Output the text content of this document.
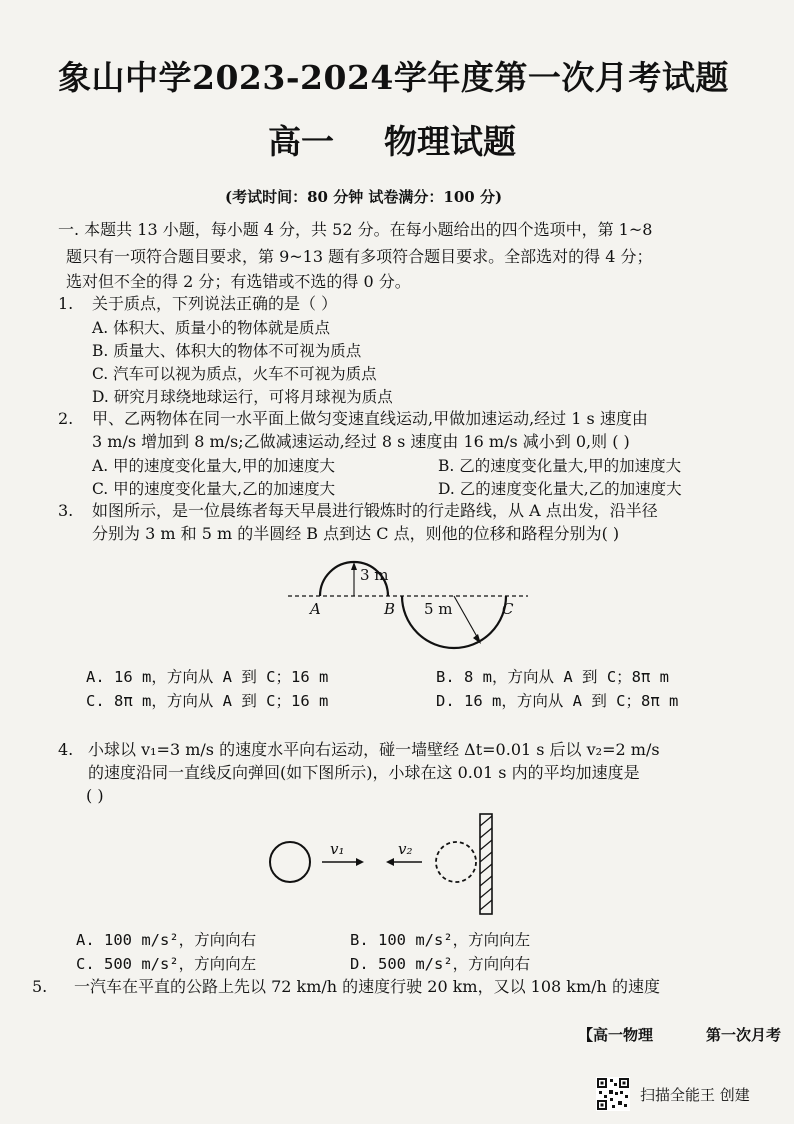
象山中学2023-2024学年度第一次月考试题
高一 物理试题
(考试时间：80 分钟 试卷满分：100 分)
一. 本题共 13 小题，每小题 4 分，共 52 分。在每小题给出的四个选项中，第 1~8
题只有一项符合题目要求，第 9~13 题有多项符合题目要求。全部选对的得 4 分；
选对但不全的得 2 分；有选错或不选的得 0 分。
1. 关于质点，下列说法正确的是（ ）
A. 体积大、质量小的物体就是质点
B. 质量大、体积大的物体不可视为质点
C. 汽车可以视为质点，火车不可视为质点
D. 研究月球绕地球运行，可将月球视为质点
2. 甲、乙两物体在同一水平面上做匀变速直线运动,甲做加速运动,经过 1 s 速度由
3 m/s 增加到 8 m/s;乙做减速运动,经过 8 s 速度由 16 m/s 减小到 0,则 ( )
A. 甲的速度变化量大,甲的加速度大	B. 乙的速度变化量大,甲的加速度大
C. 甲的速度变化量大,乙的加速度大	D. 乙的速度变化量大,乙的加速度大
3. 如图所示，是一位晨练者每天早晨进行锻炼时的行走路线，从 A 点出发，沿半径
分别为 3 m 和 5 m 的半圆经 B 点到达 C 点，则他的位移和路程分别为( )
A	B	C
3 m
5 m
A. 16 m，方向从 A 到 C；16 m	B. 8 m，方向从 A 到 C；8π m
C. 8π m，方向从 A 到 C；16 m	D. 16 m，方向从 A 到 C；8π m
4. 小球以 v₁=3 m/s 的速度水平向右运动，碰一墙壁经 Δt=0.01 s 后以 v₂=2 m/s
的速度沿同一直线反向弹回(如下图所示)，小球在这 0.01 s 内的平均加速度是
( )
v₁	v₂
A. 100 m/s²，方向向右	B. 100 m/s²，方向向左
C. 500 m/s²，方向向左	D. 500 m/s²，方向向右
5. 一汽车在平直的公路上先以 72 km/h 的速度行驶 20 km，又以 108 km/h 的速度
【高一物理	第一次月考
扫描全能王 创建
